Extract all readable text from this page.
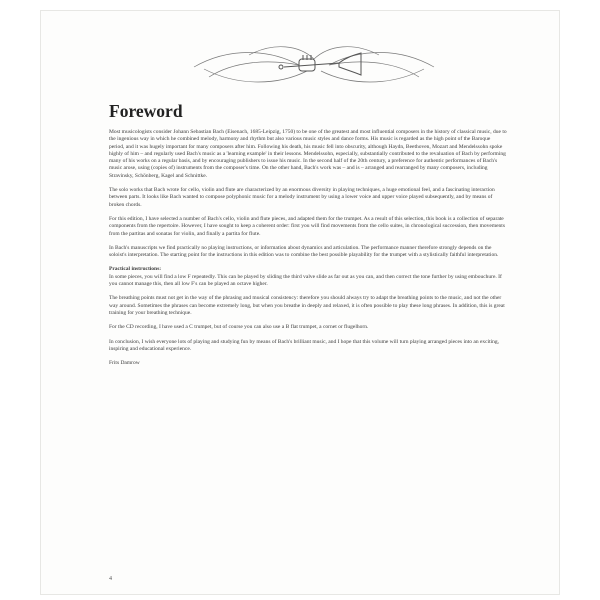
Foreword

Most musicologists consider Johann Sebastian Bach (Eisenach, 1685-Leipzig, 1750) to be one of the greatest and most influential composers in the history of classical music, due to the ingenious way in which he combined melody, harmony and rhythm but also various music styles and dance forms. His music is regarded as the high point of the Baroque period, and it was hugely important for many composers after him. Following his death, his music fell into obscurity, although Haydn, Beethoven, Mozart and Mendelssohn spoke highly of him – and regularly used Bach's music as a 'learning example' in their lessons. Mendelssohn, especially, substantially contributed to the revaluation of Bach by performing many of his works on a regular basis, and by encouraging publishers to issue his music. In the second half of the 20th century, a preference for authentic performances of Bach's music arose, using (copies of) instruments from the composer's time. On the other hand, Bach's work was – and is – arranged and rearranged by many composers, including Stravinsky, Schönberg, Kagel and Schnittke.

The solo works that Bach wrote for cello, violin and flute are characterized by an enormous diversity in playing techniques, a huge emotional feel, and a fascinating interaction between parts. It looks like Bach wanted to compose polyphonic music for a melody instrument by using a lower voice and upper voice played subsequently, and by means of broken chords.

For this edition, I have selected a number of Bach's cello, violin and flute pieces, and adapted them for the trumpet. As a result of this selection, this book is a collection of separate components from the repertoire. However, I have sought to keep a coherent order: first you will find movements from the cello suites, in chronological succession, then movements from the partitas and sonatas for violin, and finally a partita for flute.

In Bach's manuscripts we find practically no playing instructions, or information about dynamics and articulation. The performance manner therefore strongly depends on the soloist's interpretation. The starting point for the instructions in this edition was to combine the best possible playability for the trumpet with a stylistically faithful interpretation.

Practical instructions:

In some pieces, you will find a low F repeatedly. This can be played by sliding the third valve slide as far out as you can, and then correct the tone further by using embouchure. If you cannot manage this, then all low F's can be played an octave higher.

The breathing points must not get in the way of the phrasing and musical consistency: therefore you should always try to adapt the breathing points to the music, and not the other way around. Sometimes the phrases can become extremely long, but when you breathe in deeply and relaxed, it is often possible to play these long phrases. In addition, this is great training for your breathing technique.

For the CD recording, I have used a C trumpet, but of course you can also use a B flat trumpet, a cornet or flugelhorn.

In conclusion, I wish everyone lots of playing and studying fun by means of Bach's brilliant music, and I hope that this volume will turn playing arranged pieces into an exciting, inspiring and educational experience.

Frits Damrow

4
